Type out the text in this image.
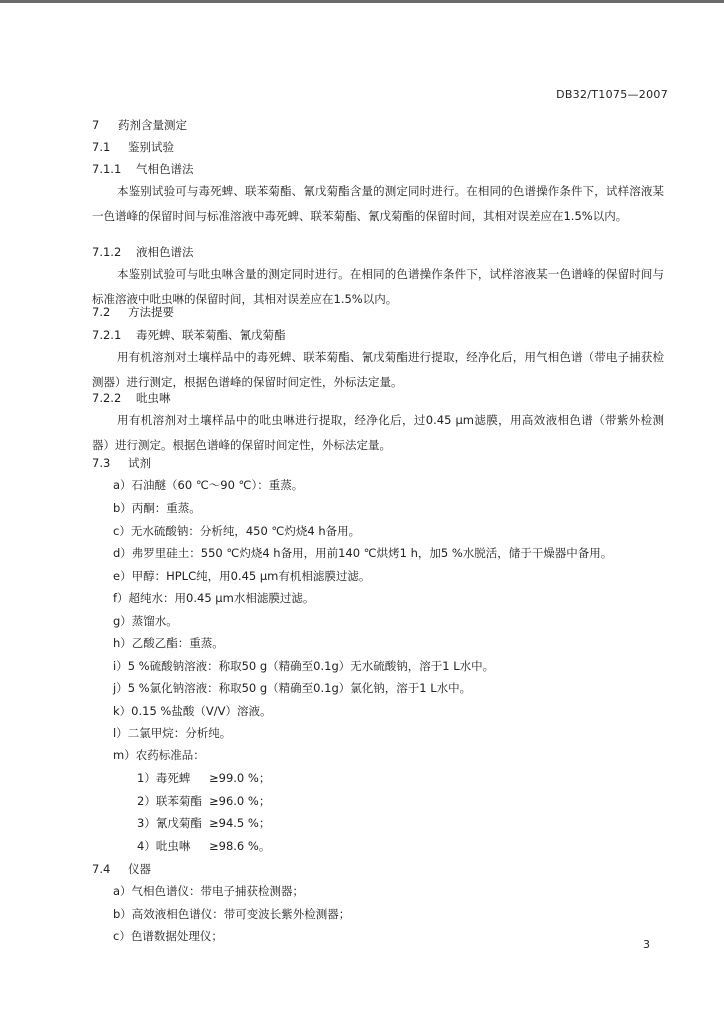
DB32/T1075—2007
7 药剂含量测定
7.1 鉴别试验
7.1.1 气相色谱法
本鉴别试验可与毒死蜱、联苯菊酯、氰戊菊酯含量的测定同时进行。在相同的色谱操作条件下，试样溶液某一色谱峰的保留时间与标准溶液中毒死蜱、联苯菊酯、氰戊菊酯的保留时间，其相对误差应在1.5%以内。
7.1.2 液相色谱法
本鉴别试验可与吡虫啉含量的测定同时进行。在相同的色谱操作条件下，试样溶液某一色谱峰的保留时间与标准溶液中吡虫啉的保留时间，其相对误差应在1.5%以内。
7.2 方法提要
7.2.1 毒死蜱、联苯菊酯、氰戊菊酯
用有机溶剂对土壤样品中的毒死蜱、联苯菊酯、氰戊菊酯进行提取，经净化后，用气相色谱（带电子捕获检测器）进行测定，根据色谱峰的保留时间定性，外标法定量。
7.2.2 吡虫啉
用有机溶剂对土壤样品中的吡虫啉进行提取，经净化后，过0.45 μm滤膜，用高效液相色谱（带紫外检测器）进行测定。根据色谱峰的保留时间定性，外标法定量。
7.3 试剂
a）石油醚（60 ℃～90 ℃）：重蒸。
b）丙酮：重蒸。
c）无水硫酸钠：分析纯，450 ℃灼烧4 h备用。
d）弗罗里硅土：550 ℃灼烧4 h备用，用前140 ℃烘烤1 h，加5 %水脱活，储于干燥器中备用。
e）甲醇：HPLC纯，用0.45 μm有机相滤膜过滤。
f）超纯水：用0.45 μm水相滤膜过滤。
g）蒸馏水。
h）乙酸乙酯：重蒸。
i）5 %硫酸钠溶液：称取50 g（精确至0.1g）无水硫酸钠，溶于1 L水中。
j）5 %氯化钠溶液：称取50 g（精确至0.1g）氯化钠，溶于1 L水中。
k）0.15 %盐酸（V/V）溶液。
l）二氯甲烷：分析纯。
m）农药标准品：
1）毒死蜱 ≥99.0 %；
2）联苯菊酯 ≥96.0 %；
3）氰戊菊酯 ≥94.5 %；
4）吡虫啉 ≥98.6 %。
7.4 仪器
a）气相色谱仪：带电子捕获检测器；
b）高效液相色谱仪：带可变波长紫外检测器；
c）色谱数据处理仪；
3
